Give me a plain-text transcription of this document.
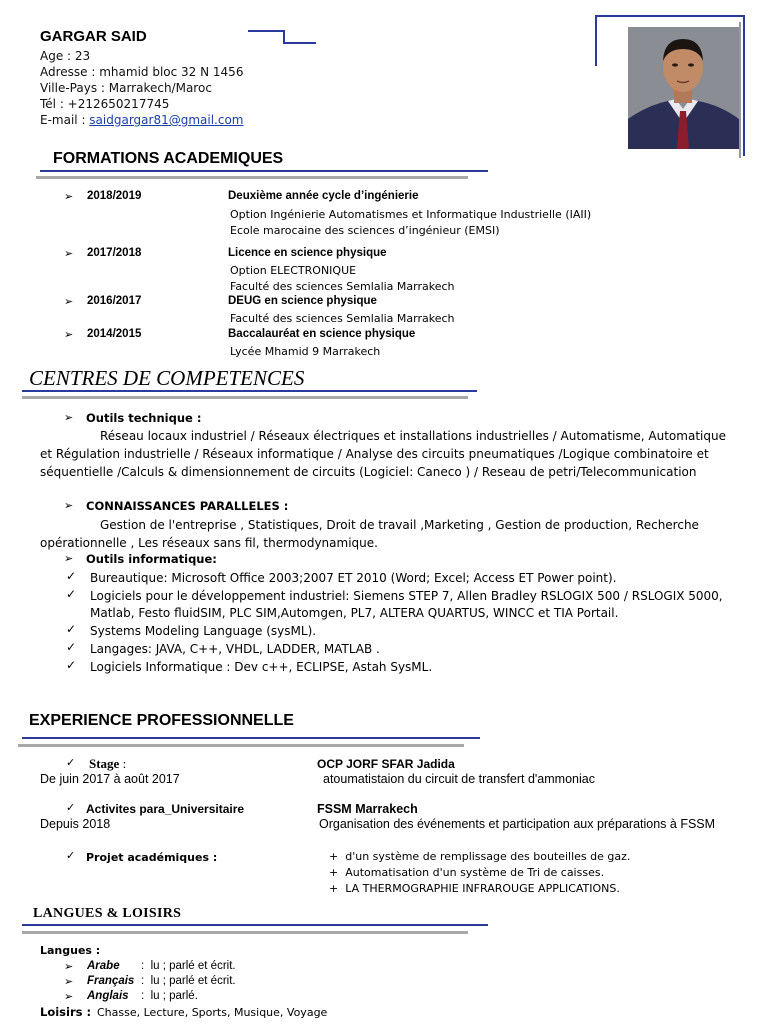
GARGAR SAID
Age : 23
Adresse : mhamid bloc 32 N 1456
Ville-Pays : Marrakech/Maroc
Tél : +212650217745
E-mail : saidgargar81@gmail.com
FORMATIONS ACADEMIQUES
➢ 2018/2019	Deuxième année cycle d’ingénierie
Option Ingénierie Automatismes et Informatique Industrielle (IAII)
Ecole marocaine des sciences d’ingénieur (EMSI)
➢ 2017/2018	Licence en science physique
Option ELECTRONIQUE
Faculté des sciences Semlalia Marrakech
➢ 2016/2017	DEUG en science physique
Faculté des sciences Semlalia Marrakech
➢ 2014/2015	Baccalauréat en science physique
Lycée Mhamid 9 Marrakech
CENTRES DE COMPETENCES
➢ Outils technique :
Réseau locaux industriel / Réseaux électriques et installations industrielles / Automatisme, Automatique
et Régulation industrielle / Réseaux informatique / Analyse des circuits pneumatiques /Logique combinatoire et
séquentielle /Calculs & dimensionnement de circuits (Logiciel: Caneco ) / Reseau de petri/Telecommunication
➢ CONNAISSANCES PARALLELES :
Gestion de l'entreprise , Statistiques, Droit de travail ,Marketing , Gestion de production, Recherche
opérationnelle , Les réseaux sans fil, thermodynamique.
➢ Outils informatique:
✓ Bureautique: Microsoft Office 2003;2007 ET 2010 (Word; Excel; Access ET Power point).
✓ Logiciels pour le développement industriel: Siemens STEP 7, Allen Bradley RSLOGIX 500 / RSLOGIX 5000,
Matlab, Festo fluidSIM, PLC SIM,Automgen, PL7, ALTERA QUARTUS, WINCC et TIA Portail.
✓ Systems Modeling Language (sysML).
✓ Langages: JAVA, C++, VHDL, LADDER, MATLAB .
✓ Logiciels Informatique : Dev c++, ECLIPSE, Astah SysML.
EXPERIENCE PROFESSIONNELLE
✓ Stage :	OCP JORF SFAR Jadida
De juin 2017 à août 2017	atoumatistaion du circuit de transfert d'ammoniac
✓ Activites para_Universitaire	FSSM Marrakech
Depuis 2018	Organisation des événements et participation aux préparations à FSSM
✓ Projet académiques :	+  d'un système de remplissage des bouteilles de gaz.
+  Automatisation d'un système de Tri de caisses.
+  LA THERMOGRAPHIE INFRAROUGE APPLICATIONS.
LANGUES & LOISIRS
Langues :
➢ Arabe :  lu ; parlé et écrit.
➢ Français :  lu ; parlé et écrit.
➢ Anglais :  lu ; parlé.
Loisirs : Chasse, Lecture, Sports, Musique, Voyage
